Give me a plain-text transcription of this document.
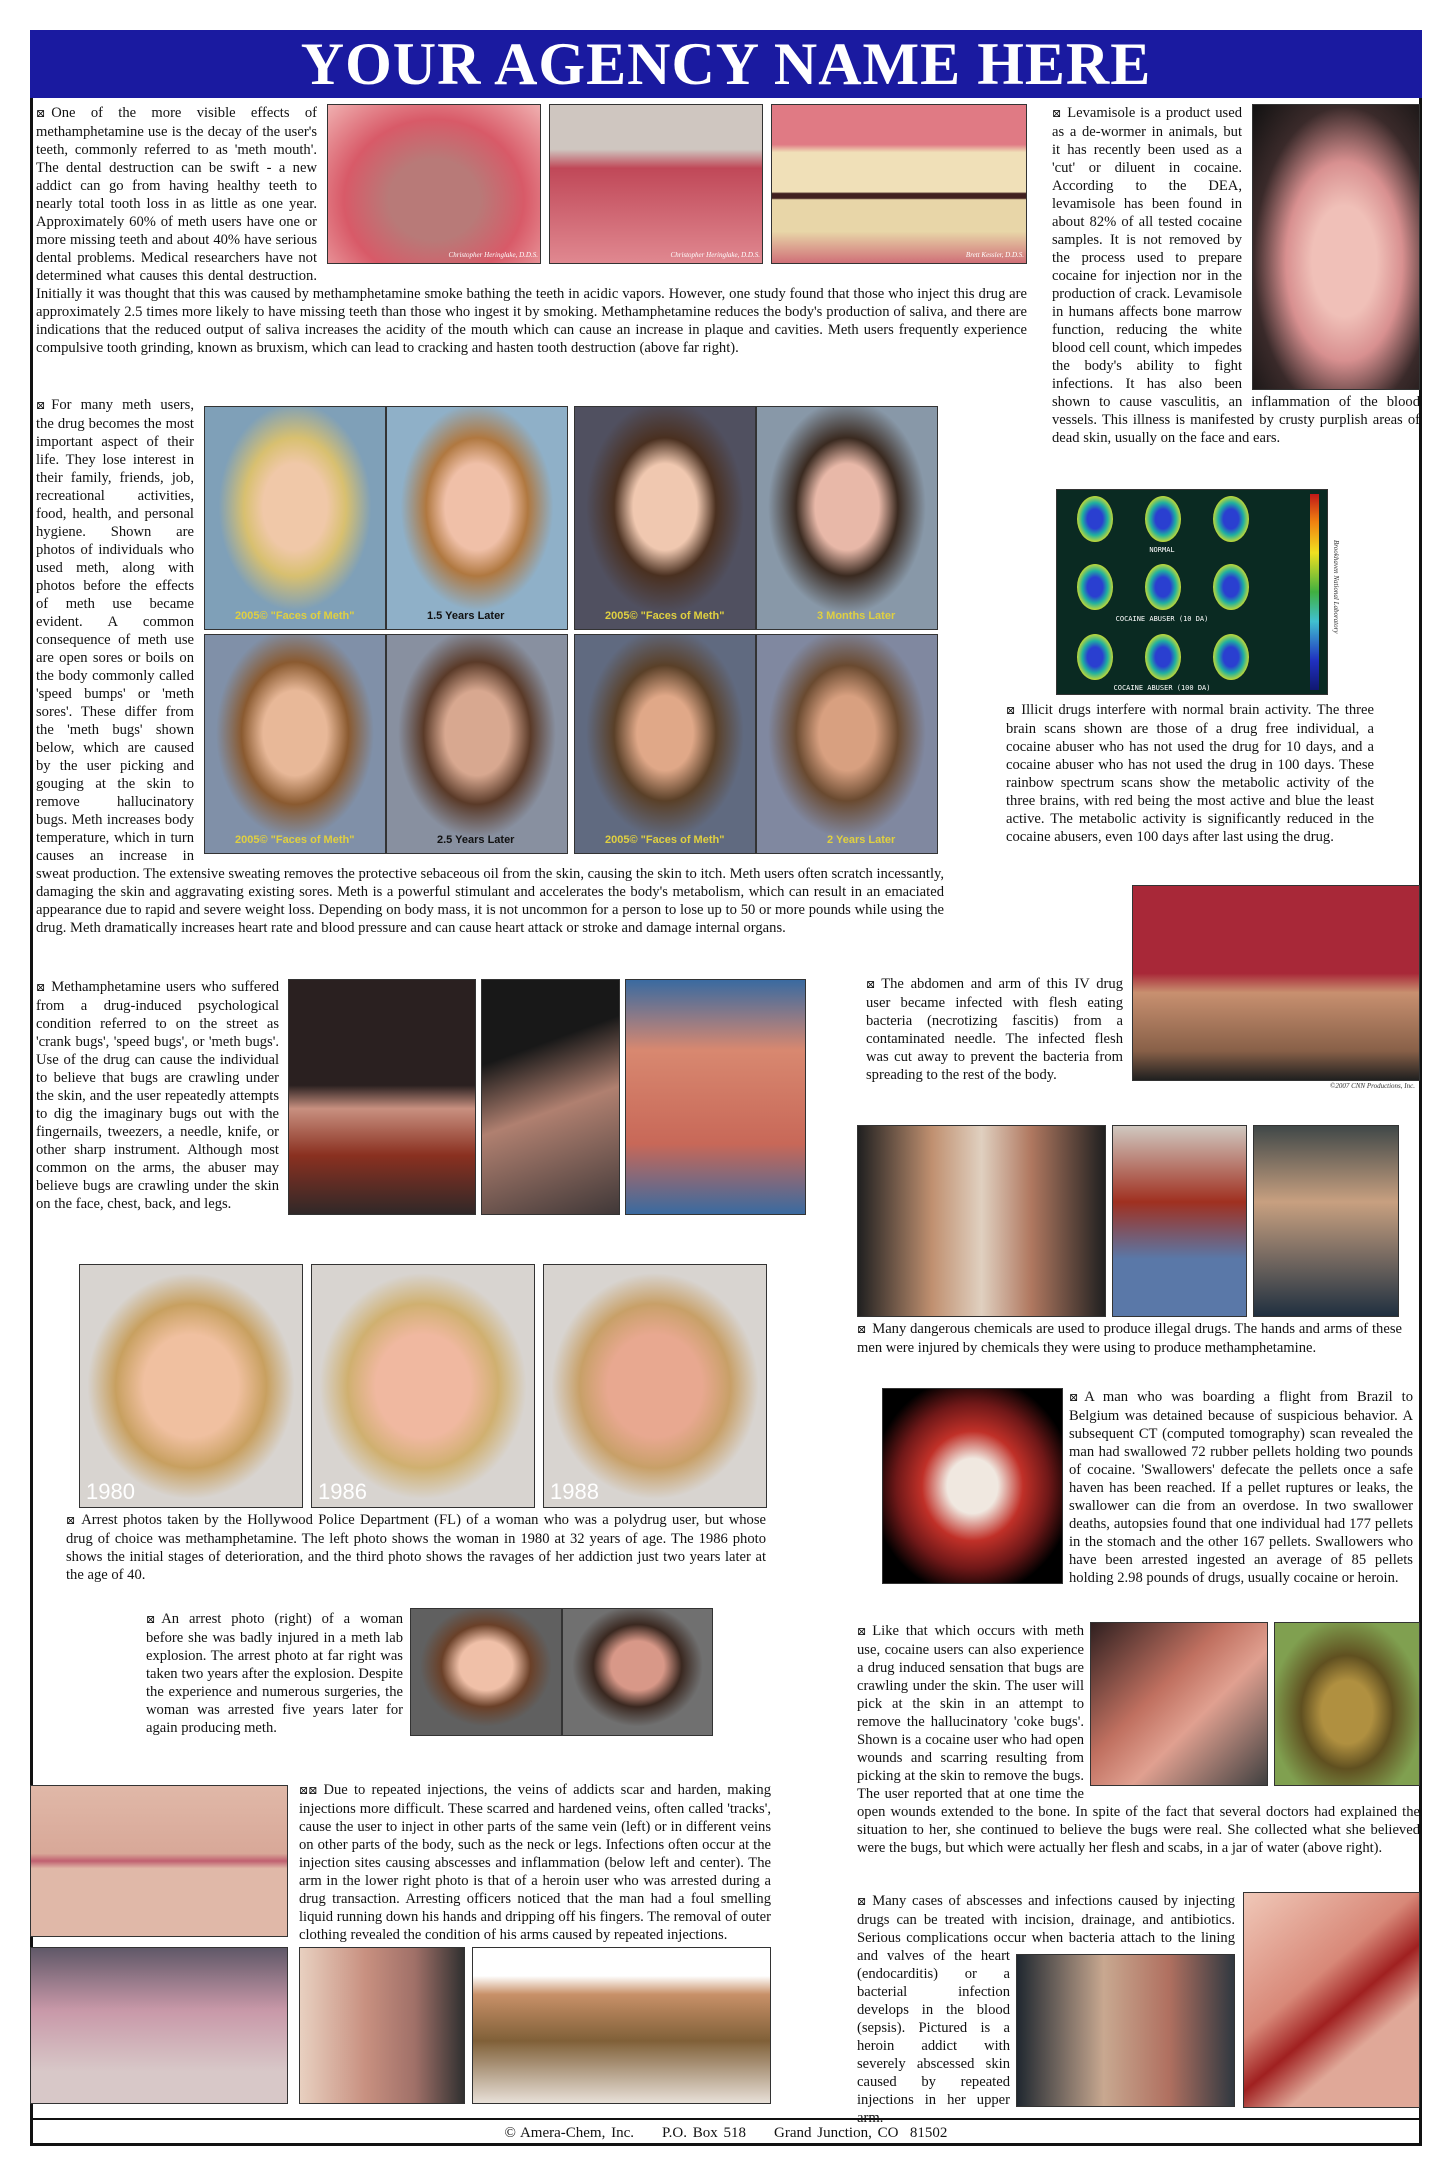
YOUR AGENCY NAME HERE
Christopher Heringlake, D.D.S.	Christopher Heringlake, D.D.S.	Brett Kessler, D.D.S.
⊠ One of the more visible effects of methamphetamine use is the decay of the user's teeth, commonly referred to as 'meth mouth'. The dental destruction can be swift - a new addict can go from having healthy teeth to nearly total tooth loss in as little as one year. Approximately 60% of meth users have one or more missing teeth and about 40% have serious dental problems. Medical researchers have not determined what causes this dental destruction. Initially it was thought that this was caused by methamphetamine smoke bathing the teeth in acidic vapors. However, one study found that those who inject this drug are approximately 2.5 times more likely to have missing teeth than those who ingest it by smoking. Methamphetamine reduces the body's production of saliva, and there are indications that the reduced output of saliva increases the acidity of the mouth which can cause an increase in plaque and cavities. Meth users frequently experience compulsive tooth grinding, known as bruxism, which can lead to cracking and hasten tooth destruction (above far right).
⊠ Levamisole is a product used as a de-wormer in animals, but it has recently been used as a 'cut' or diluent in cocaine. According to the DEA, levamisole has been found in about 82% of all tested cocaine samples. It is not removed by the process used to prepare cocaine for injection nor in the production of crack. Levamisole in humans affects bone marrow function, reducing the white blood cell count, which impedes the body's ability to fight infections. It has also been shown to cause vasculitis, an inflammation of the blood vessels. This illness is manifested by crusty purplish areas of dead skin, usually on the face and ears.
2005© "Faces of Meth"	1.5 Years Later	2005© "Faces of Meth"	3 Months Later
2005© "Faces of Meth"	2.5 Years Later	2005© "Faces of Meth"	2 Years Later
⊠ For many meth users, the drug becomes the most important aspect of their life. They lose interest in their family, friends, job, recreational activities, food, health, and personal hygiene. Shown are photos of individuals who used meth, along with photos before the effects of meth use became evident. A common consequence of meth use are open sores or boils on the body commonly called 'speed bumps' or 'meth sores'. These differ from the 'meth bugs' shown below, which are caused by the user picking and gouging at the skin to remove hallucinatory bugs. Meth increases body temperature, which in turn causes an increase in sweat production. The extensive sweating removes the protective sebaceous oil from the skin, causing the skin to itch. Meth users often scratch incessantly, damaging the skin and aggravating existing sores. Meth is a powerful stimulant and accelerates the body's metabolism, which can result in an emaciated appearance due to rapid and severe weight loss. Depending on body mass, it is not uncommon for a person to lose up to 50 or more pounds while using the drug. Meth dramatically increases heart rate and blood pressure and can cause heart attack or stroke and damage internal organs.
NORMAL
COCAINE ABUSER (10 DA)
COCAINE ABUSER (100 DA)
Brookhaven National Laboratory
⊠ Illicit drugs interfere with normal brain activity. The three brain scans shown are those of a drug free individual, a cocaine abuser who has not used the drug for 10 days, and a cocaine abuser who has not used the drug in 100 days. These rainbow spectrum scans show the metabolic activity of the three brains, with red being the most active and blue the least active. The metabolic activity is significantly reduced in the cocaine abusers, even 100 days after last using the drug.
⊠ Methamphetamine users who suffered from a drug-induced psychological condition referred to on the street as 'crank bugs', 'speed bugs', or 'meth bugs'. Use of the drug can cause the individual to believe that bugs are crawling under the skin, and the user repeatedly attempts to dig the imaginary bugs out with the fingernails, tweezers, a needle, knife, or other sharp instrument. Although most common on the arms, the abuser may believe bugs are crawling under the skin on the face, chest, back, and legs.
©2007 CNN Productions, Inc.
⊠ The abdomen and arm of this IV drug user became infected with flesh eating bacteria (necrotizing fascitis) from a contaminated needle. The infected flesh was cut away to prevent the bacteria from spreading to the rest of the body.
⊠ Many dangerous chemicals are used to produce illegal drugs. The hands and arms of these men were injured by chemicals they were using to produce methamphetamine.
1980	1986	1988
⊠ Arrest photos taken by the Hollywood Police Department (FL) of a woman who was a polydrug user, but whose drug of choice was methamphetamine. The left photo shows the woman in 1980 at 32 years of age. The 1986 photo shows the initial stages of deterioration, and the third photo shows the ravages of her addiction just two years later at the age of 40.
⊠ A man who was boarding a flight from Brazil to Belgium was detained because of suspicious behavior. A subsequent CT (computed tomography) scan revealed the man had swallowed 72 rubber pellets holding two pounds of cocaine. 'Swallowers' defecate the pellets once a safe haven has been reached. If a pellet ruptures or leaks, the swallower can die from an overdose. In two swallower deaths, autopsies found that one individual had 177 pellets in the stomach and the other 167 pellets. Swallowers who have been arrested ingested an average of 85 pellets holding 2.98 pounds of drugs, usually cocaine or heroin.
⊠ An arrest photo (right) of a woman before she was badly injured in a meth lab explosion. The arrest photo at far right was taken two years after the explosion. Despite the experience and numerous surgeries, the woman was arrested five years later for again producing meth.
⊠ Like that which occurs with meth use, cocaine users can also experience a drug induced sensation that bugs are crawling under the skin. The user will pick at the skin in an attempt to remove the hallucinatory 'coke bugs'. Shown is a cocaine user who had open wounds and scarring resulting from picking at the skin to remove the bugs. The user reported that at one time the open wounds extended to the bone. In spite of the fact that several doctors had explained the situation to her, she continued to believe the bugs were real. She collected what she believed were the bugs, but which were actually her flesh and scabs, in a jar of water (above right).
⊠⊠ Due to repeated injections, the veins of addicts scar and harden, making injections more difficult. These scarred and hardened veins, often called 'tracks', cause the user to inject in other parts of the same vein (left) or in different veins on other parts of the body, such as the neck or legs. Infections often occur at the injection sites causing abscesses and inflammation (below left and center). The arm in the lower right photo is that of a heroin user who was arrested during a drug transaction. Arresting officers noticed that the man had a foul smelling liquid running down his hands and dripping off his fingers. The removal of outer clothing revealed the condition of his arms caused by repeated injections.
⊠ Many cases of abscesses and infections caused by injecting drugs can be treated with incision, drainage, and antibiotics. Serious complications occur when bacteria attach to the lining and valves of the heart (endocarditis) or a bacterial infection develops in the blood (sepsis). Pictured is a heroin addict with severely abscessed skin caused by repeated injections in her upper arm.
© Amera-Chem, Inc. P.O. Box 518 Grand Junction, CO  81502
